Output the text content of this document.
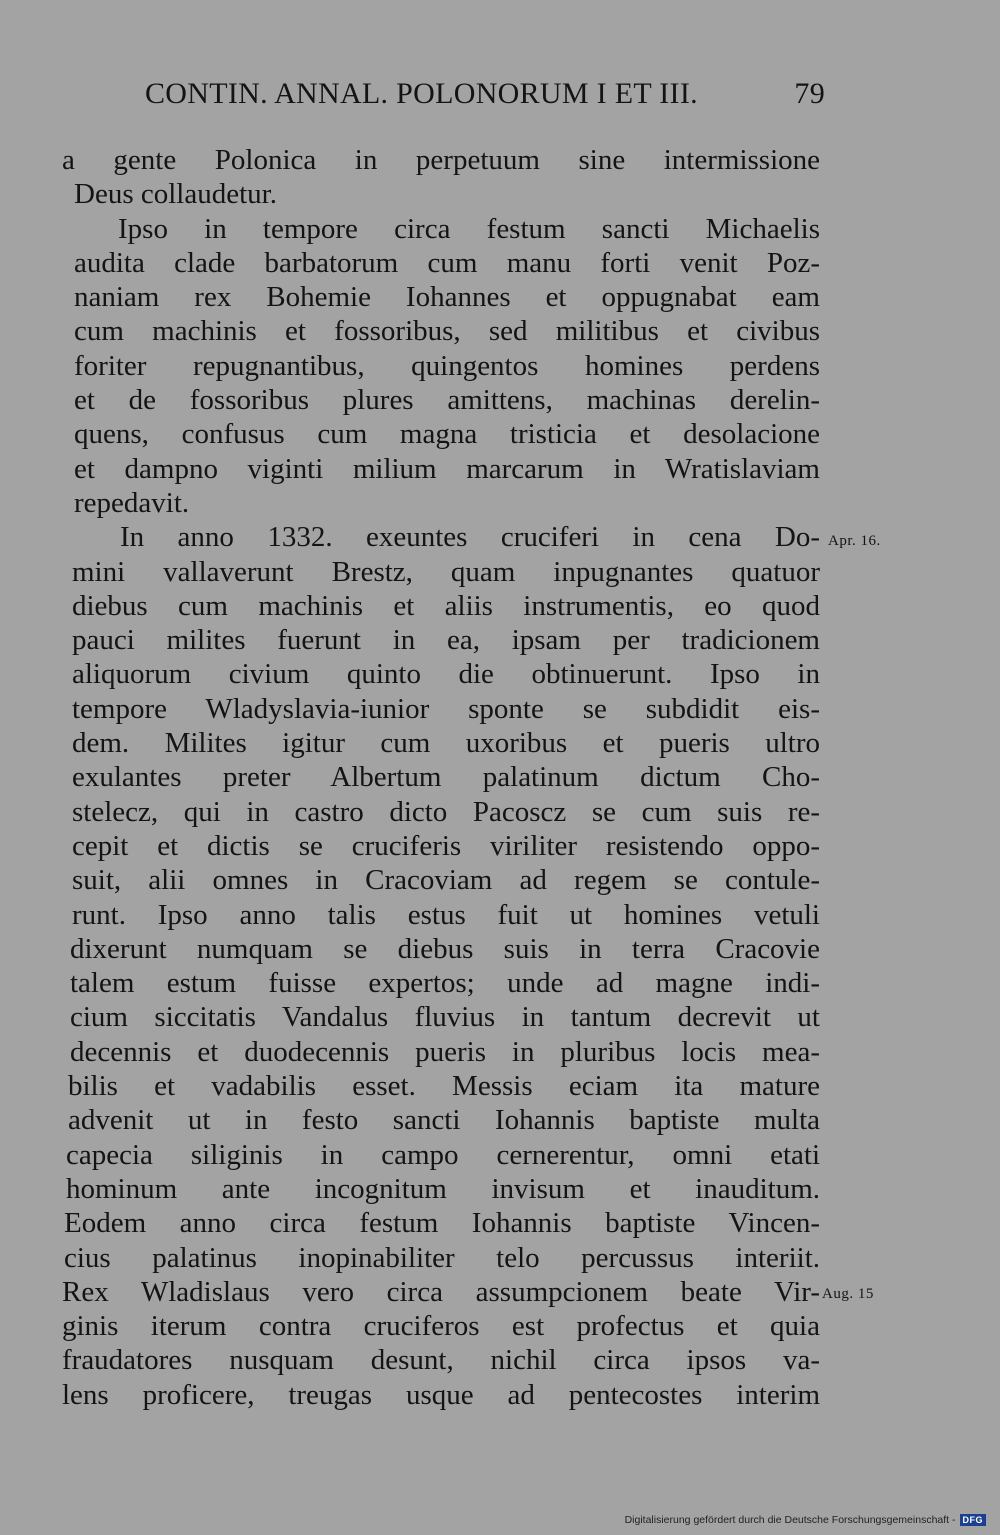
CONTIN. ANNAL. POLONORUM I ET III.	79
a gente Polonica in perpetuum sine intermissione
Deus collaudetur.
Ipso in tempore circa festum sancti Michaelis
audita clade barbatorum cum manu forti venit Poz-
naniam rex Bohemie Iohannes et oppugnabat eam
cum machinis et fossoribus, sed militibus et civibus
foriter repugnantibus, quingentos homines perdens
et de fossoribus plures amittens, machinas derelin-
quens, confusus cum magna tristicia et desolacione
et dampno viginti milium marcarum in Wratislaviam
repedavit.
In anno 1332. exeuntes cruciferi in cena Do-
mini vallaverunt Brestz, quam inpugnantes quatuor
diebus cum machinis et aliis instrumentis, eo quod
pauci milites fuerunt in ea, ipsam per tradicionem
aliquorum civium quinto die obtinuerunt. Ipso in
tempore Wladyslavia-iunior sponte se subdidit eis-
dem. Milites igitur cum uxoribus et pueris ultro
exulantes preter Albertum palatinum dictum Cho-
stelecz, qui in castro dicto Pacoscz se cum suis re-
cepit et dictis se cruciferis viriliter resistendo oppo-
suit, alii omnes in Cracoviam ad regem se contule-
runt. Ipso anno talis estus fuit ut homines vetuli
dixerunt numquam se diebus suis in terra Cracovie
talem estum fuisse expertos; unde ad magne indi-
cium siccitatis Vandalus fluvius in tantum decrevit ut
decennis et duodecennis pueris in pluribus locis mea-
bilis et vadabilis esset. Messis eciam ita mature
advenit ut in festo sancti Iohannis baptiste multa
capecia siliginis in campo cernerentur, omni etati
hominum ante incognitum invisum et inauditum.
Eodem anno circa festum Iohannis baptiste Vincen-
cius palatinus inopinabiliter telo percussus interiit.
Rex Wladislaus vero circa assumpcionem beate Vir-
ginis iterum contra cruciferos est profectus et quia
fraudatores nusquam desunt, nichil circa ipsos va-
lens proficere, treugas usque ad pentecostes interim
Apr. 16.
Aug. 15
Digitalisierung gefördert durch die Deutsche Forschungsgemeinschaft - DFG
